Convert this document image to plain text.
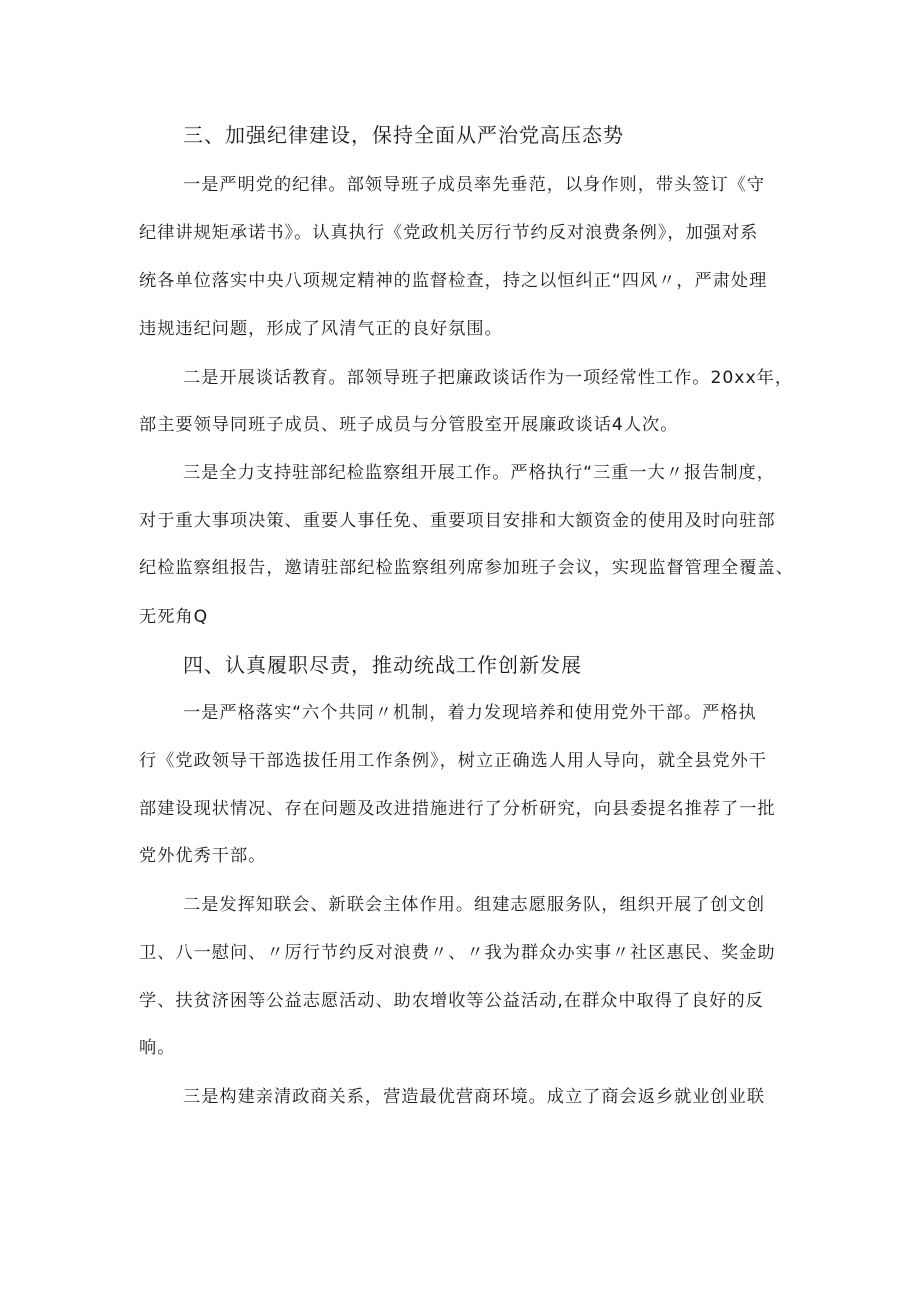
三、加强纪律建设，保持全面从严治党高压态势
一是严明党的纪律。部领导班子成员率先垂范，以身作则，带头签订《守
纪律讲规矩承诺书》。认真执行《党政机关厉行节约反对浪费条例》，加强对系
统各单位落实中央八项规定精神的监督检查，持之以恒纠正“四风〃，严肃处理
违规违纪问题，形成了风清气正的良好氛围。
二是开展谈话教育。部领导班子把廉政谈话作为一项经常性工作。20xx年，
部主要领导同班子成员、班子成员与分管股室开展廉政谈话4人次。
三是全力支持驻部纪检监察组开展工作。严格执行“三重一大〃报告制度，
对于重大事项决策、重要人事任免、重要项目安排和大额资金的使用及时向驻部
纪检监察组报告，邀请驻部纪检监察组列席参加班子会议，实现监督管理全覆盖、
无死角Q
四、认真履职尽责，推动统战工作创新发展
一是严格落实“六个共同〃机制，着力发现培养和使用党外干部。严格执
行《党政领导干部选拔任用工作条例》，树立正确选人用人导向，就全县党外干
部建设现状情况、存在问题及改进措施进行了分析研究，向县委提名推荐了一批
党外优秀干部。
二是发挥知联会、新联会主体作用。组建志愿服务队，组织开展了创文创
卫、八一慰问、〃厉行节约反对浪费〃、〃我为群众办实事〃社区惠民、奖金助
学、扶贫济困等公益志愿活动、助农增收等公益活动,在群众中取得了良好的反
响。
三是构建亲清政商关系，营造最优营商环境。成立了商会返乡就业创业联
